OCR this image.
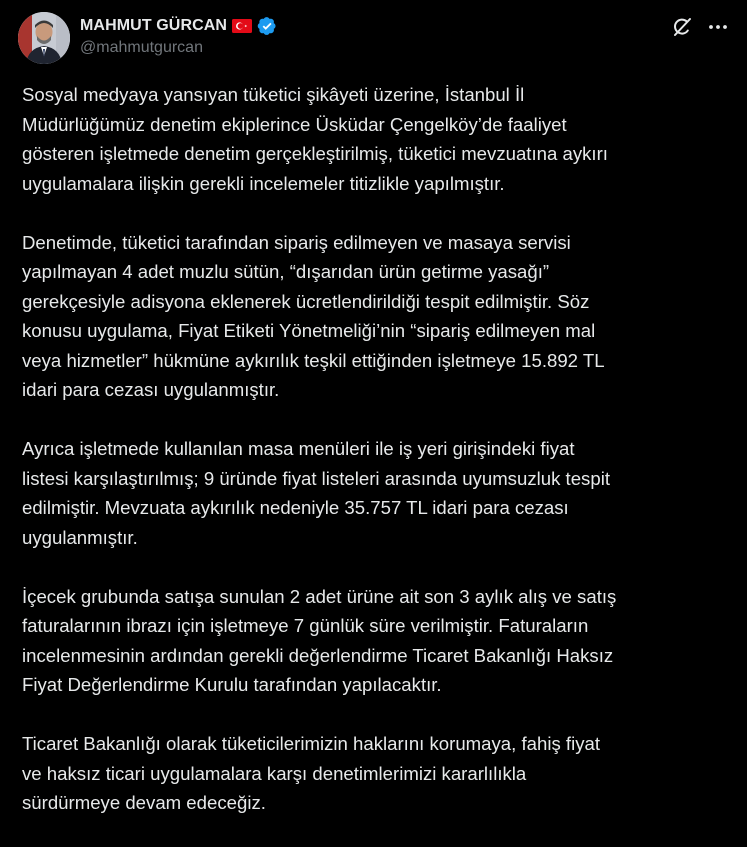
MAHMUT GÜRCAN
@mahmutgurcan

Sosyal medyaya yansıyan tüketici şikâyeti üzerine, İstanbul İl
Müdürlüğümüz denetim ekiplerince Üsküdar Çengelköy’de faaliyet
gösteren işletmede denetim gerçekleştirilmiş, tüketici mevzuatına aykırı
uygulamalara ilişkin gerekli incelemeler titizlikle yapılmıştır.

Denetimde, tüketici tarafından sipariş edilmeyen ve masaya servisi
yapılmayan 4 adet muzlu sütün, “dışarıdan ürün getirme yasağı”
gerekçesiyle adisyona eklenerek ücretlendirildiği tespit edilmiştir. Söz
konusu uygulama, Fiyat Etiketi Yönetmeliği’nin “sipariş edilmeyen mal
veya hizmetler” hükmüne aykırılık teşkil ettiğinden işletmeye 15.892 TL
idari para cezası uygulanmıştır.

Ayrıca işletmede kullanılan masa menüleri ile iş yeri girişindeki fiyat
listesi karşılaştırılmış; 9 üründe fiyat listeleri arasında uyumsuzluk tespit
edilmiştir. Mevzuata aykırılık nedeniyle 35.757 TL idari para cezası
uygulanmıştır.

İçecek grubunda satışa sunulan 2 adet ürüne ait son 3 aylık alış ve satış
faturalarının ibrazı için işletmeye 7 günlük süre verilmiştir. Faturaların
incelenmesinin ardından gerekli değerlendirme Ticaret Bakanlığı Haksız
Fiyat Değerlendirme Kurulu tarafından yapılacaktır.

Ticaret Bakanlığı olarak tüketicilerimizin haklarını korumaya, fahiş fiyat
ve haksız ticari uygulamalara karşı denetimlerimizi kararlılıkla
sürdürmeye devam edeceğiz.
